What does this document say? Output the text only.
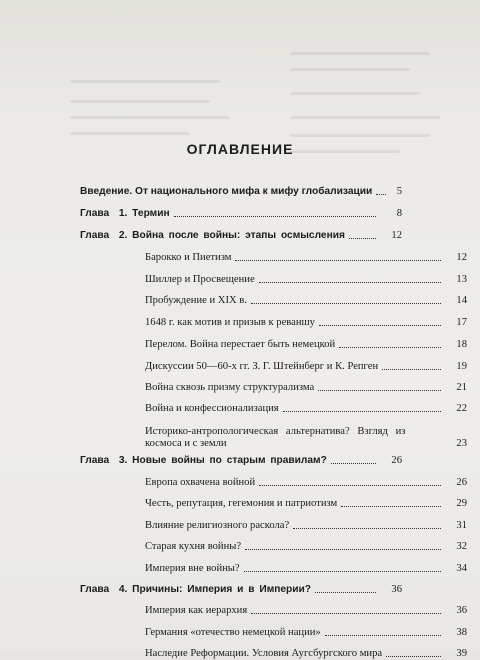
ОГЛАВЛЕНИЕ
Введение. От национального мифа к мифу глобализации	5
Глава  1. Термин	8
Глава  2. Война после войны: этапы осмысления	12
Барокко и Пиетизм	12
Шиллер и Просвещение	13
Пробуждение и XIX в.	14
1648 г. как мотив и призыв к реваншу	17
Перелом. Война перестает быть немецкой	18
Дискуссии 50—60-х гг. З. Г. Штейнберг и К. Репген	19
Война сквозь призму структурализма	21
Война и конфессионализация	22
Историко-антропологическая альтернатива? Взгляд из
космоса и с земли	23
Глава  3. Новые войны по старым правилам?	26
Европа охвачена войной	26
Честь, репутация, гегемония и патриотизм	29
Влияние религиозного раскола?	31
Старая кухня войны?	32
Империя вне войны?	34
Глава  4. Причины: Империя и в Империи?	36
Империя как иерархия	36
Германия «отечество немецкой нации»	38
Наследие Реформации. Условия Аугсбургского мира	39
